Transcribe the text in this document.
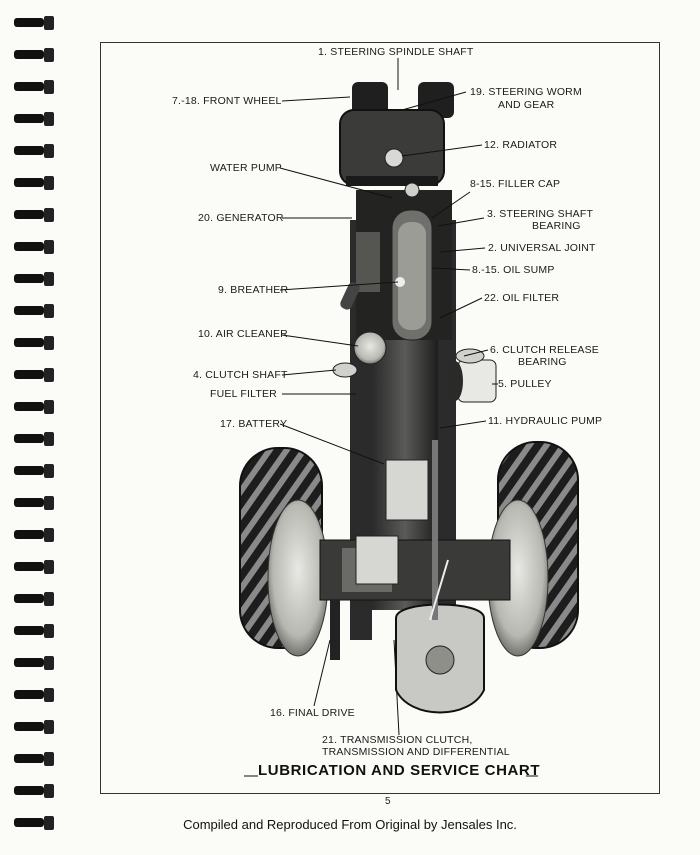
1. STEERING SPINDLE SHAFT
7.-18. FRONT WHEEL
19. STEERING WORM
AND GEAR
12. RADIATOR
WATER PUMP
8-15. FILLER CAP
20. GENERATOR	3. STEERING SHAFT
BEARING
2. UNIVERSAL JOINT
8.-15. OIL SUMP
9. BREATHER
22. OIL FILTER
10. AIR CLEANER
6. CLUTCH RELEASE
BEARING
4. CLUTCH SHAFT
5. PULLEY
FUEL FILTER
17. BATTERY	11. HYDRAULIC PUMP
16. FINAL DRIVE
21. TRANSMISSION CLUTCH,
TRANSMISSION AND DIFFERENTIAL
LUBRICATION AND SERVICE CHART
5
Compiled and Reproduced From Original by Jensales Inc.
